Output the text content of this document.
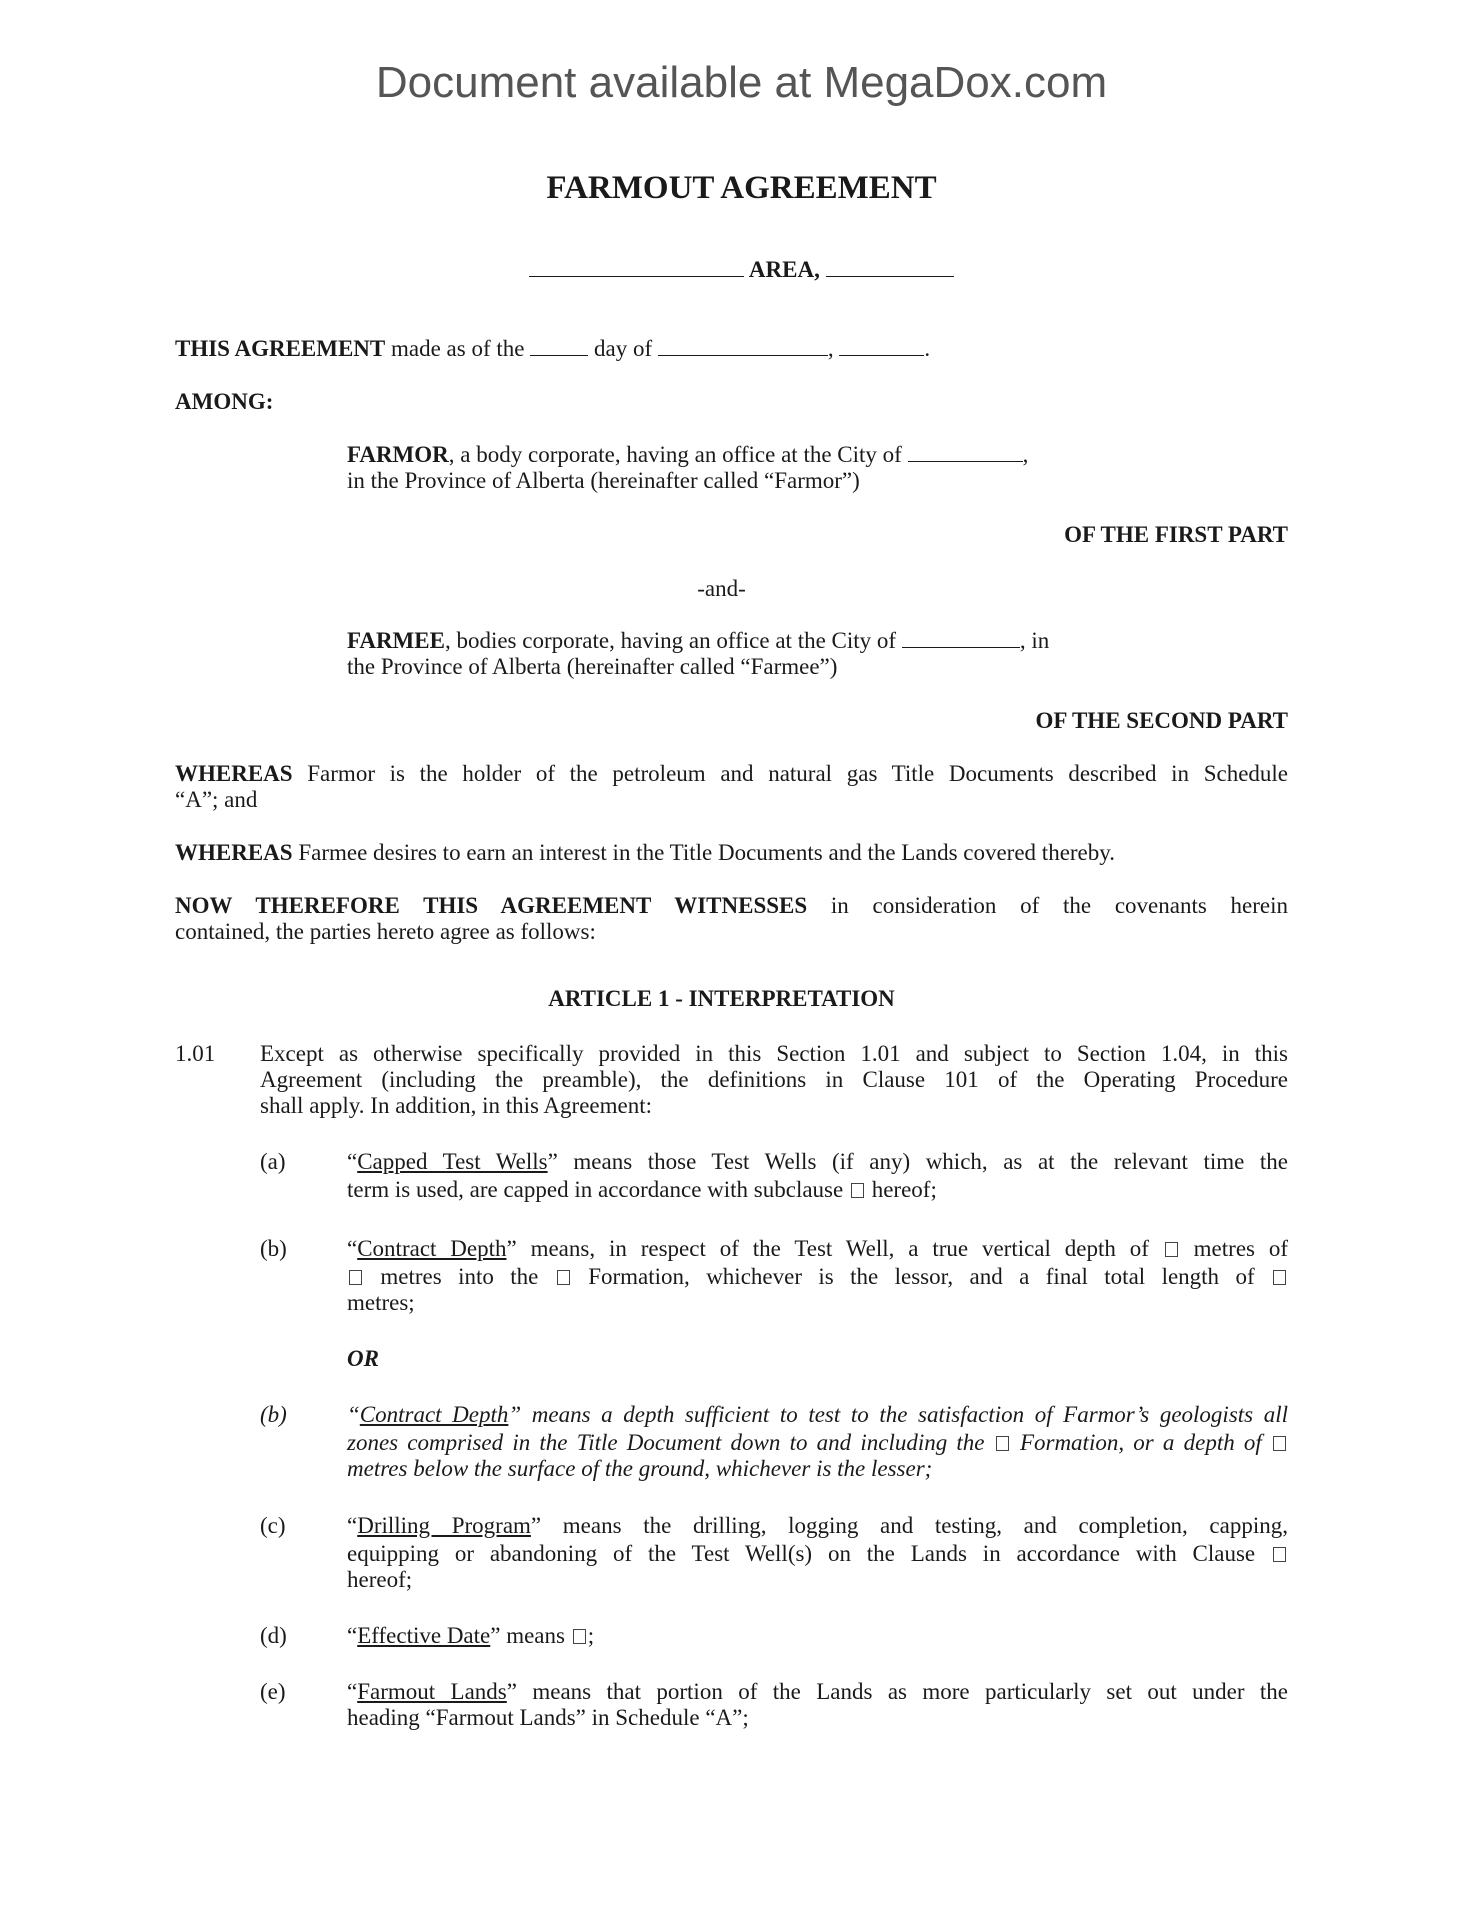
Document available at MegaDox.com
FARMOUT AGREEMENT
AREA,
THIS AGREEMENT made as of the	day of	,	.
AMONG:
FARMOR, a body corporate, having an office at the City of	,
in the Province of Alberta (hereinafter called “Farmor”)
OF THE FIRST PART
-and-
FARMEE, bodies corporate, having an office at the City of	, in
the Province of Alberta (hereinafter called “Farmee”)
OF THE SECOND PART
WHEREAS Farmor is the holder of the petroleum and natural gas Title Documents described in Schedule
“A”; and
WHEREAS Farmee desires to earn an interest in the Title Documents and the Lands covered thereby.
NOW THEREFORE THIS AGREEMENT WITNESSES in consideration of the covenants herein
contained, the parties hereto agree as follows:
ARTICLE 1 - INTERPRETATION
1.01 Except as otherwise specifically provided in this Section 1.01 and subject to Section 1.04, in this
Agreement (including the preamble), the definitions in Clause 101 of the Operating Procedure
shall apply. In addition, in this Agreement:
(a)	“Capped Test Wells” means those Test Wells (if any) which, as at the relevant time the
term is used, are capped in accordance with subclause hereof;
(b)	“Contract Depth” means, in respect of the Test Well, a true vertical depth of metres of
metres into the Formation, whichever is the lessor, and a final total length of
metres;
OR
(b)	“Contract Depth” means a depth sufficient to test to the satisfaction of Farmor’s geologists all
zones comprised in the Title Document down to and including the Formation, or a depth of
metres below the surface of the ground, whichever is the lesser;
(c)	“Drilling Program” means the drilling, logging and testing, and completion, capping,
equipping or abandoning of the Test Well(s) on the Lands in accordance with Clause
hereof;
(d)	“Effective Date” means ;
(e)	“Farmout Lands” means that portion of the Lands as more particularly set out under the
heading “Farmout Lands” in Schedule “A”;
